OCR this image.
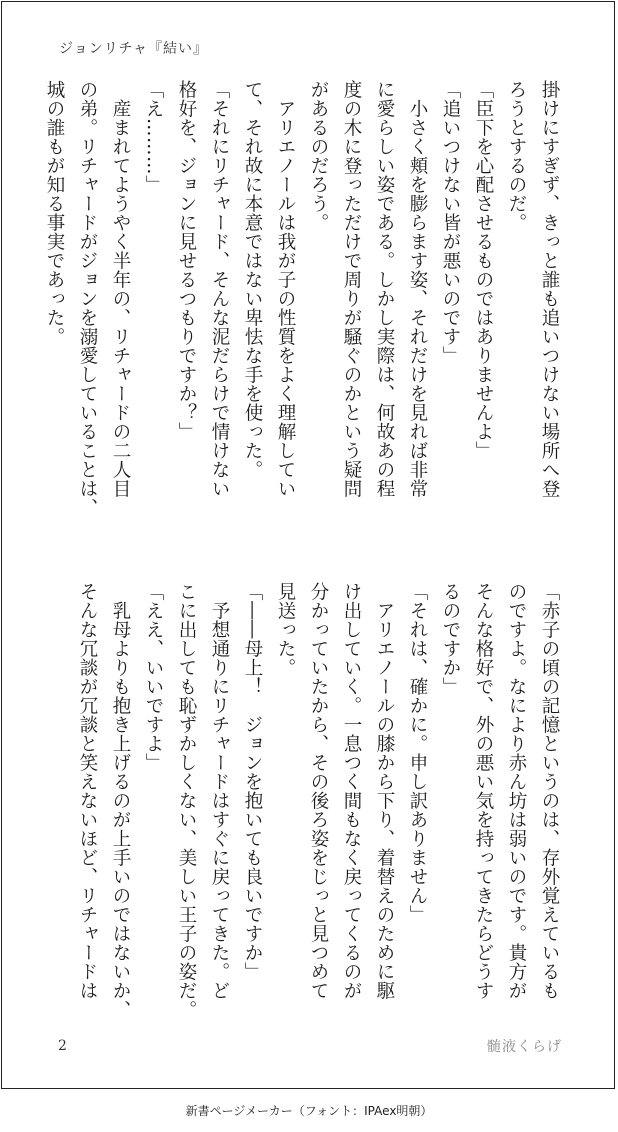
ジョンリチャ『結い』
掛けにすぎず、きっと誰も追いつけない場所へ登
ろうとするのだ。
「臣下を心配させるものではありませんよ」
「追いつけない皆が悪いのです」
小さく頬を膨らます姿、それだけを見れば非常
に愛らしい姿である。しかし実際は、何故あの程
度の木に登っただけで周りが騒ぐのかという疑問
があるのだろう。
アリエノールは我が子の性質をよく理解してい
て、それ故に本意ではない卑怯な手を使った。
「それにリチャード、そんな泥だらけで情けない
格好を、ジョンに見せるつもりですか？」
「え………」
産まれてようやく半年の、リチャードの二人目
の弟。リチャードがジョンを溺愛していることは、
城の誰もが知る事実であった。
「赤子の頃の記憶というのは、存外覚えているも
のですよ。なにより赤ん坊は弱いのです。貴方が
そんな格好で、外の悪い気を持ってきたらどうす
るのですか」
「それは、確かに。申し訳ありません」
アリエノールの膝から下り、着替えのために駆
け出していく。一息つく間もなく戻ってくるのが
分かっていたから、その後ろ姿をじっと見つめて
見送った。
「――母上！　ジョンを抱いても良いですか」
予想通りにリチャードはすぐに戻ってきた。ど
こに出しても恥ずかしくない、美しい王子の姿だ。
「ええ、いいですよ」
乳母よりも抱き上げるのが上手いのではないか、
そんな冗談が冗談と笑えないほど、リチャードは
2	髄液くらげ
新書ページメーカー（フォント：IPAex明朝）
